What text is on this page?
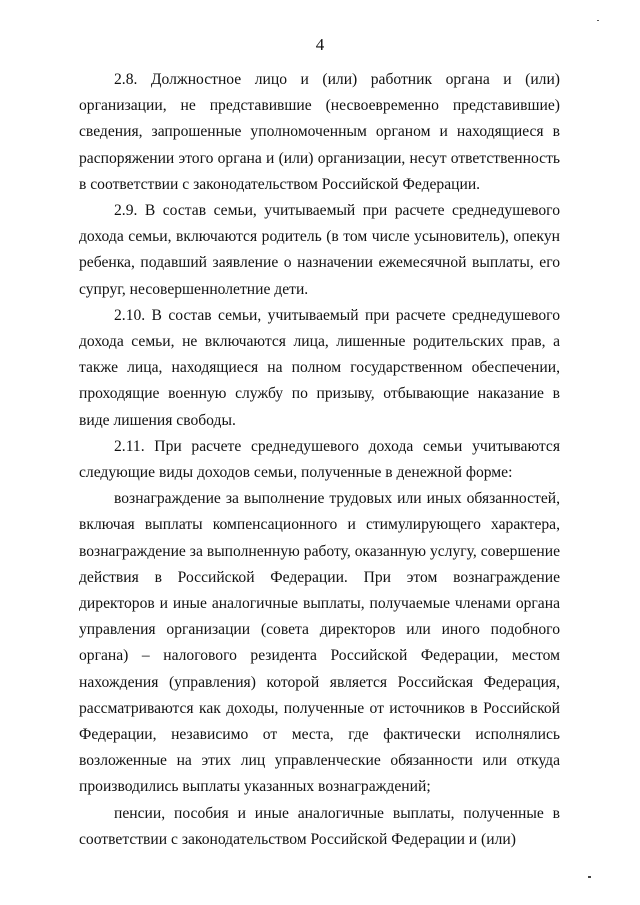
4

2.8. Должностное лицо и (или) работник органа и (или) организации, не представившие (несвоевременно представившие) сведения, запрошенные уполномоченным органом и находящиеся в распоряжении этого органа и (или) организации, несут ответственность в соответствии с законодательством Российской Федерации.

2.9. В состав семьи, учитываемый при расчете среднедушевого дохода семьи, включаются родитель (в том числе усыновитель), опекун ребенка, подавший заявление о назначении ежемесячной выплаты, его супруг, несовершеннолетние дети.

2.10. В состав семьи, учитываемый при расчете среднедушевого дохода семьи, не включаются лица, лишенные родительских прав, а также лица, находящиеся на полном государственном обеспечении, проходящие военную службу по призыву, отбывающие наказание в виде лишения свободы.

2.11. При расчете среднедушевого дохода семьи учитываются следующие виды доходов семьи, полученные в денежной форме:

вознаграждение за выполнение трудовых или иных обязанностей, включая выплаты компенсационного и стимулирующего характера, вознаграждение за выполненную работу, оказанную услугу, совершение действия в Российской Федерации. При этом вознаграждение директоров и иные аналогичные выплаты, получаемые членами органа управления организации (совета директоров или иного подобного органа) – налогового резидента Российской Федерации, местом нахождения (управления) которой является Российская Федерация, рассматриваются как доходы, полученные от источников в Российской Федерации, независимо от места, где фактически исполнялись возложенные на этих лиц управленческие обязанности или откуда производились выплаты указанных вознаграждений;

пенсии, пособия и иные аналогичные выплаты, полученные в соответствии с законодательством Российской Федерации и (или)
